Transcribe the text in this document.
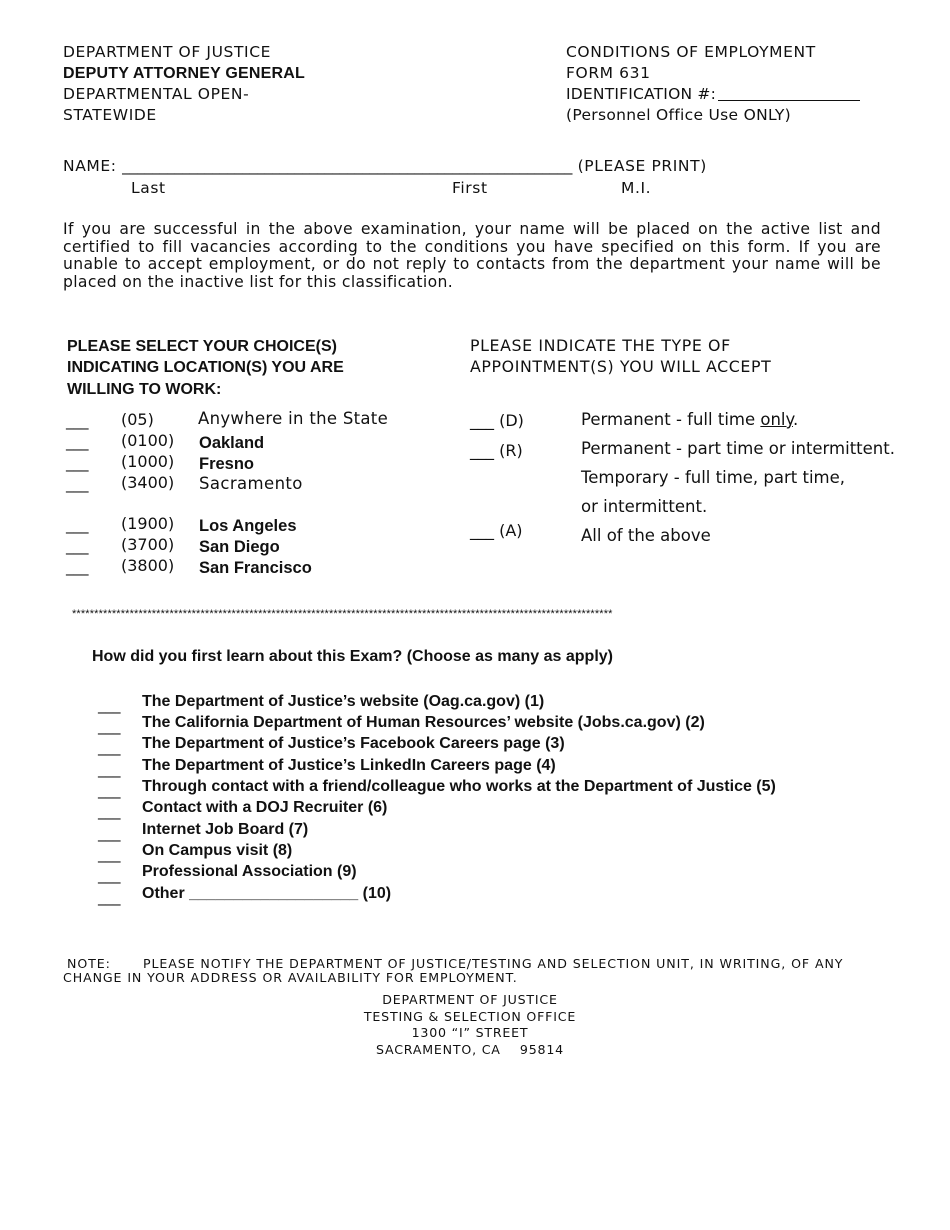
DEPARTMENT OF JUSTICE
DEPUTY ATTORNEY GENERAL
DEPARTMENTAL OPEN-
STATEWIDE
CONDITIONS OF EMPLOYMENT
FORM 631
IDENTIFICATION #:
(Personnel Office Use ONLY)
NAME: ____________________________________________________________ (PLEASE PRINT)
Last	First	M.I.
If you are successful in the above examination, your name will be placed on the active list and certified to fill vacancies according to the conditions you have specified on this form. If you are unable to accept employment, or do not reply to contacts from the department your name will be placed on the inactive list for this classification.
PLEASE SELECT YOUR CHOICE(S)
INDICATING LOCATION(S) YOU ARE
WILLING TO WORK:
___ (05)	Anywhere in the State
___ (0100) Oakland
___ (1000) Fresno
___ (3400) Sacramento
___ (1900) Los Angeles
___ (3700) San Diego
___ (3800) San Francisco
PLEASE INDICATE THE TYPE OF
APPOINTMENT(S) YOU WILL ACCEPT
___ (D)	Permanent - full time only.
___ (R)	Permanent - part time or intermittent.
Temporary - full time, part time,
or intermittent.
___ (A)	All of the above
**************************************************************************************************************************
How did you first learn about this Exam? (Choose as many as apply)
___ The Department of Justice’s website (Oag.ca.gov) (1)
___ The California Department of Human Resources’ website (Jobs.ca.gov) (2)
___ The Department of Justice’s Facebook Careers page (3)
___ The Department of Justice’s LinkedIn Careers page (4)
___ Through contact with a friend/colleague who works at the Department of Justice (5)
___ Contact with a DOJ Recruiter (6)
___ Internet Job Board (7)
___ On Campus visit (8)
___ Professional Association (9)
___ Other ___________________ (10)
NOTE:	PLEASE NOTIFY THE DEPARTMENT OF JUSTICE/TESTING AND SELECTION UNIT, IN WRITING, OF ANY
CHANGE IN YOUR ADDRESS OR AVAILABILITY FOR EMPLOYMENT.
DEPARTMENT OF JUSTICE
TESTING & SELECTION OFFICE
1300 “I” STREET
SACRAMENTO, CA    95814
